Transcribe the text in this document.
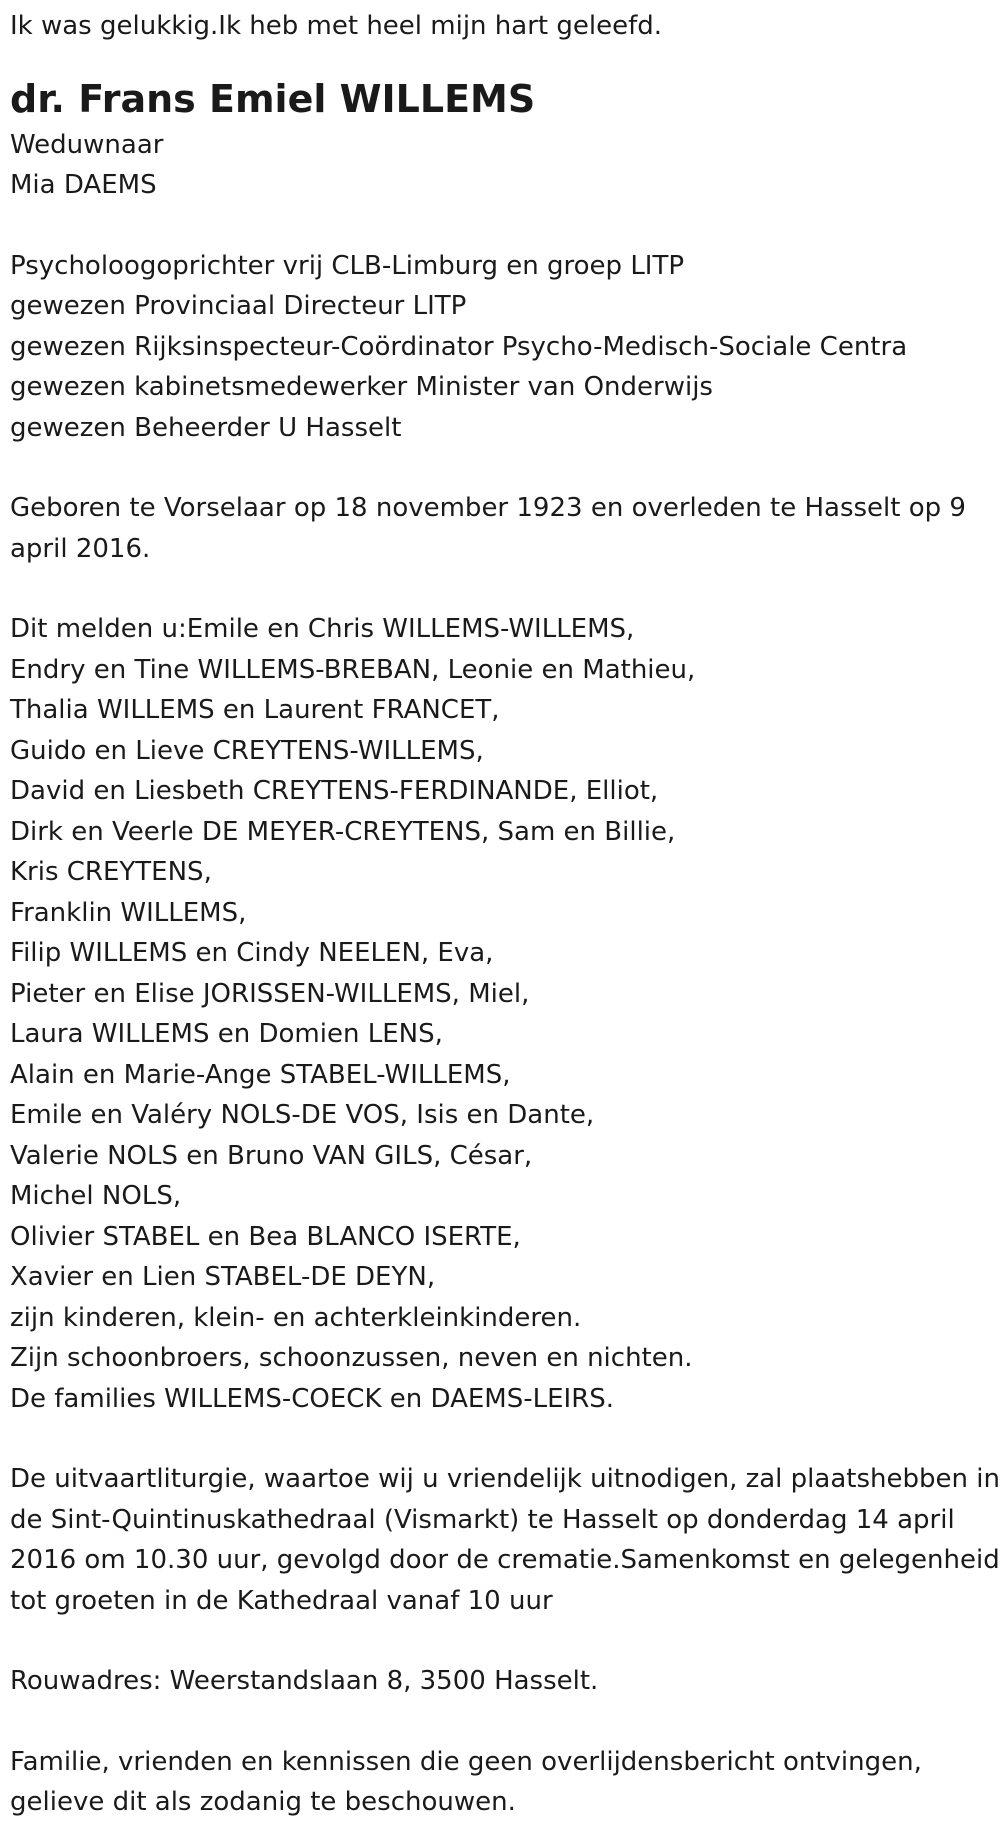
Ik was gelukkig.Ik heb met heel mijn hart geleefd.

dr. Frans Emiel WILLEMS

Weduwnaar

Mia DAEMS

Psycholoogoprichter vrij CLB-Limburg en groep LITP

gewezen Provinciaal Directeur LITP

gewezen Rijksinspecteur-Coördinator Psycho-Medisch-Sociale Centra

gewezen kabinetsmedewerker Minister van Onderwijs

gewezen Beheerder U Hasselt

Geboren te Vorselaar op 18 november 1923 en overleden te Hasselt op 9 april 2016.

Dit melden u:Emile en Chris WILLEMS-WILLEMS,

Endry en Tine WILLEMS-BREBAN, Leonie en Mathieu,

Thalia WILLEMS en Laurent FRANCET,

Guido en Lieve CREYTENS-WILLEMS,

David en Liesbeth CREYTENS-FERDINANDE, Elliot,

Dirk en Veerle DE MEYER-CREYTENS, Sam en Billie,

Kris CREYTENS,

Franklin WILLEMS,

Filip WILLEMS en Cindy NEELEN, Eva,

Pieter en Elise JORISSEN-WILLEMS, Miel,

Laura WILLEMS en Domien LENS,

Alain en Marie-Ange STABEL-WILLEMS,

Emile en Valéry NOLS-DE VOS, Isis en Dante,

Valerie NOLS en Bruno VAN GILS, César,

Michel NOLS,

Olivier STABEL en Bea BLANCO ISERTE,

Xavier en Lien STABEL-DE DEYN,

zijn kinderen, klein- en achterkleinkinderen.

Zijn schoonbroers, schoonzussen, neven en nichten.

De families WILLEMS-COECK en DAEMS-LEIRS.

De uitvaartliturgie, waartoe wij u vriendelijk uitnodigen, zal plaatshebben in de Sint-Quintinuskathedraal (Vismarkt) te Hasselt op donderdag 14 april 2016 om 10.30 uur, gevolgd door de crematie.Samenkomst en gelegenheid tot groeten in de Kathedraal vanaf 10 uur

Rouwadres: Weerstandslaan 8, 3500 Hasselt.

Familie, vrienden en kennissen die geen overlijdensbericht ontvingen, gelieve dit als zodanig te beschouwen.
